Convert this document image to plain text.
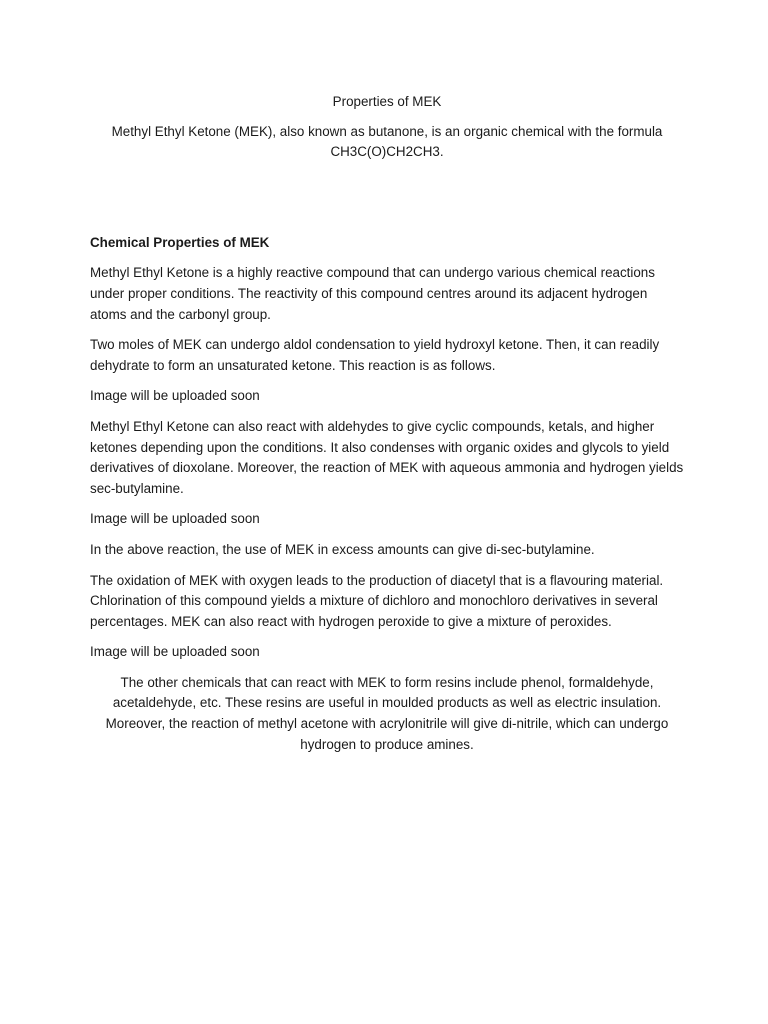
Properties of MEK

Methyl Ethyl Ketone (MEK), also known as butanone, is an organic chemical with the formula

CH3C(O)CH2CH3.

Chemical Properties of MEK

Methyl Ethyl Ketone is a highly reactive compound that can undergo various chemical reactions under proper conditions. The reactivity of this compound centres around its adjacent hydrogen atoms and the carbonyl group.

Two moles of MEK can undergo aldol condensation to yield hydroxyl ketone. Then, it can readily dehydrate to form an unsaturated ketone. This reaction is as follows.

Image will be uploaded soon

Methyl Ethyl Ketone can also react with aldehydes to give cyclic compounds, ketals, and higher ketones depending upon the conditions. It also condenses with organic oxides and glycols to yield derivatives of dioxolane. Moreover, the reaction of MEK with aqueous ammonia and hydrogen yields sec-butylamine.

Image will be uploaded soon

In the above reaction, the use of MEK in excess amounts can give di-sec-butylamine.

The oxidation of MEK with oxygen leads to the production of diacetyl that is a flavouring material. Chlorination of this compound yields a mixture of dichloro and monochloro derivatives in several percentages. MEK can also react with hydrogen peroxide to give a mixture of peroxides.

Image will be uploaded soon

The other chemicals that can react with MEK to form resins include phenol, formaldehyde, acetaldehyde, etc. These resins are useful in moulded products as well as electric insulation. Moreover, the reaction of methyl acetone with acrylonitrile will give di-nitrile, which can undergo hydrogen to produce amines.
